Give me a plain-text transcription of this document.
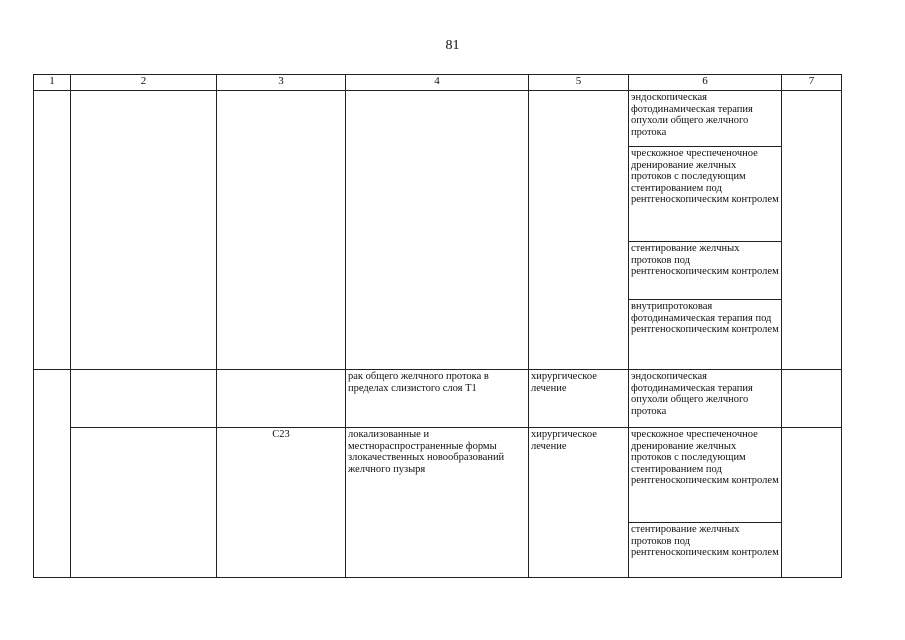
81
1	2	3	4	5	6	7
					эндоскопическая фотодинамическая терапия опухоли общего желчного протока	
					чрескожное чреспеченочное дренирование желчных протоков с последующим стентированием под рентгеноскопическим контролем	
					стентирование желчных протоков под рентгеноскопическим контролем	
					внутрипротоковая фотодинамическая терапия под рентгеноскопическим контролем	
			рак общего желчного протока в пределах слизистого слоя T1	хирургическое лечение	эндоскопическая фотодинамическая терапия опухоли общего желчного протока	
		C23	локализованные и местнораспространенные формы злокачественных новообразований желчного пузыря	хирургическое лечение	чрескожное чреспеченочное дренирование желчных протоков с последующим стентированием под рентгеноскопическим контролем	
					стентирование желчных протоков под рентгеноскопическим контролем	
